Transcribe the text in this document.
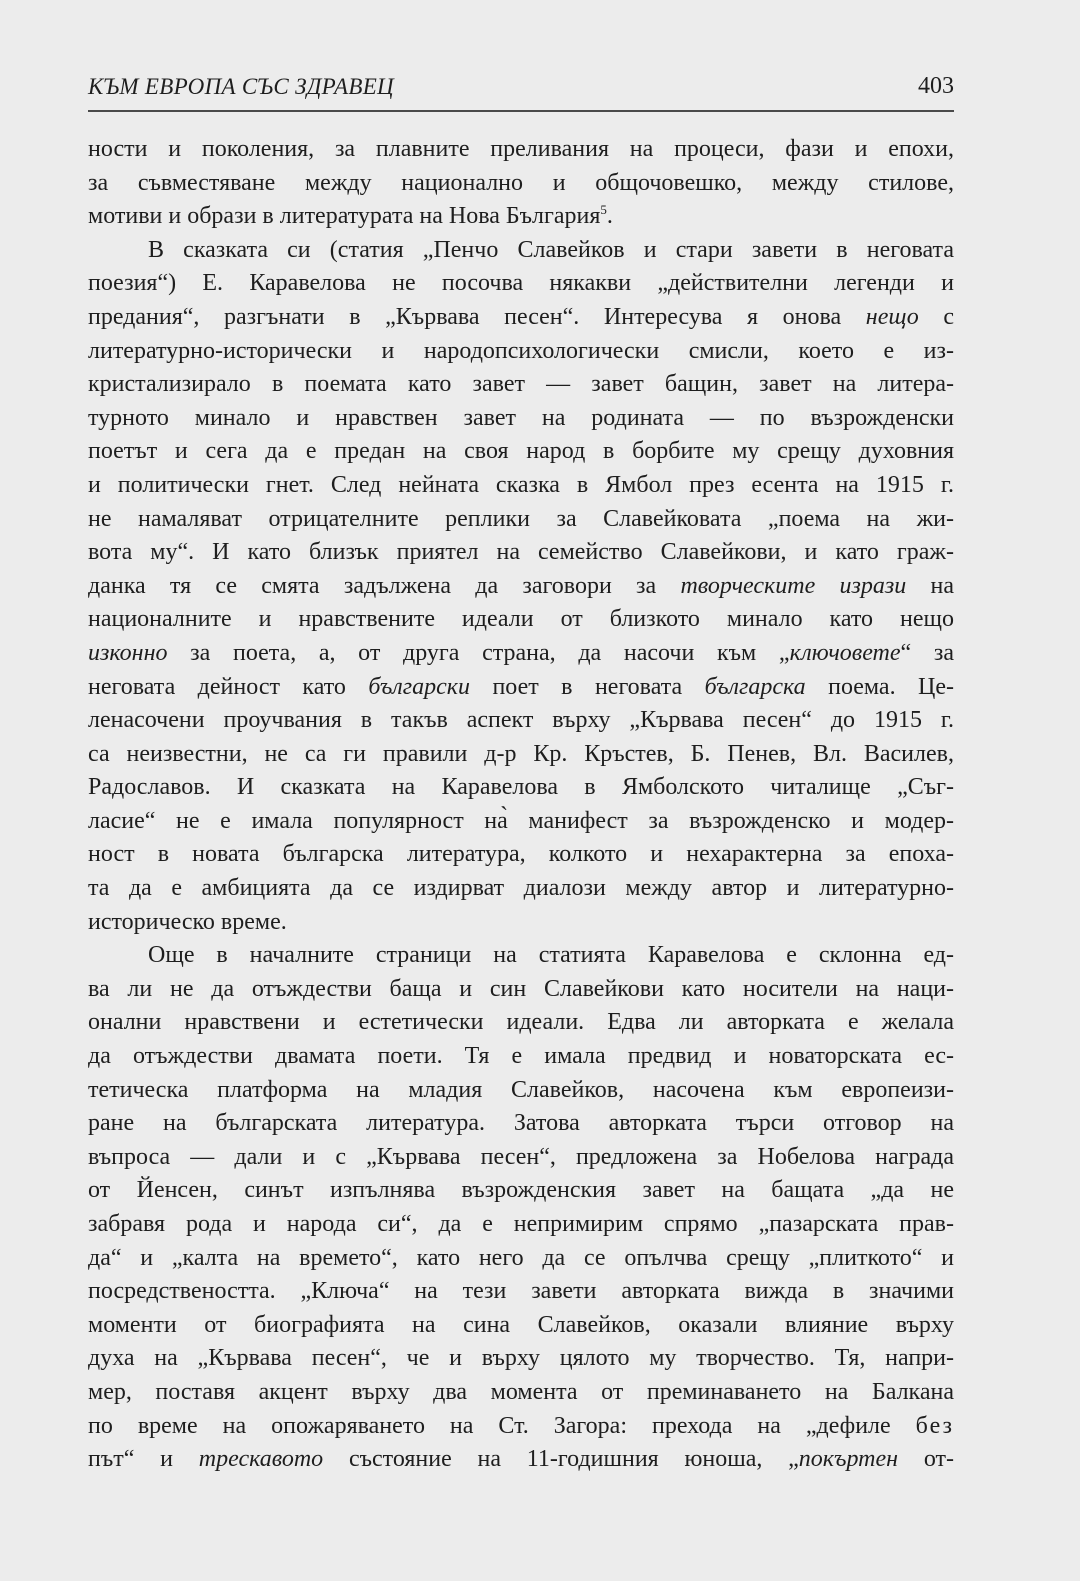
КЪМ ЕВРОПА СЪС ЗДРАВЕЦ	403
ности и поколения, за плавните преливания на процеси, фази и епохи,
за съвместяване между национално и общочовешко, между стилове,
мотиви и образи в литературата на Нова България$^5$.
В сказката си (статия „Пенчо Славейков и стари завети в неговата
поезия“) Е. Каравелова не посочва някакви „действителни легенди и
предания“, разгънати в „Кървава песен“. Интересува я онова нещо с
литературно-исторически и народопсихологически смисли, което е из-
кристализирало в поемата като завет — завет бащин, завет на литера-
турното минало и нравствен завет на родината — по възрожденски
поетът и сега да е предан на своя народ в борбите му срещу духовния
и политически гнет. След нейната сказка в Ямбол през есента на 1915 г.
не намаляват отрицателните реплики за Славейковата „поема на жи-
вота му“. И като близък приятел на семейство Славейкови, и като граж-
данка тя се смята задължена да заговори за творческите изрази на
националните и нравствените идеали от близкото минало като нещо
изконно за поета, а, от друга страна, да насочи към „ключовете“ за
неговата дейност като български поет в неговата българска поема. Це-
ленасочени проучвания в такъв аспект върху „Кървава песен“ до 1915 г.
са неизвестни, не са ги правили д-р Кр. Кръстев, Б. Пенев, Вл. Василев,
Радославов. И сказката на Каравелова в Ямболското читалище „Съг-
ласие“ не е имала популярност на̀ манифест за възрожденско и модер-
ност в новата българска литература, колкото и нехарактерна за епоха-
та да е амбицията да се издирват диалози между автор и литературно-
историческо време.
Още в началните страници на статията Каравелова е склонна ед-
ва ли не да отъждестви баща и син Славейкови като носители на наци-
онални нравствени и естетически идеали. Едва ли авторката е желала
да отъждестви двамата поети. Тя е имала предвид и новаторската ес-
тетическа платформа на младия Славейков, насочена към европеизи-
ране на българската литература. Затова авторката търси отговор на
въпроса — дали и с „Кървава песен“, предложена за Нобелова награда
от Йенсен, синът изпълнява възрожденския завет на бащата „да не
забравя рода и народа си“, да е непримирим спрямо „пазарската прав-
да“ и „калта на времето“, като него да се опълчва срещу „плиткото“ и
посредствеността. „Ключа“ на тези завети авторката вижда в значими
моменти от биографията на сина Славейков, оказали влияние върху
духа на „Кървава песен“, че и върху цялото му творчество. Тя, напри-
мер, поставя акцент върху два момента от преминаването на Балкана
по време на опожаряването на Ст. Загора: прехода на „дефиле без
път“ и трескавото състояние на 11-годишния юноша, „покъртен от-
